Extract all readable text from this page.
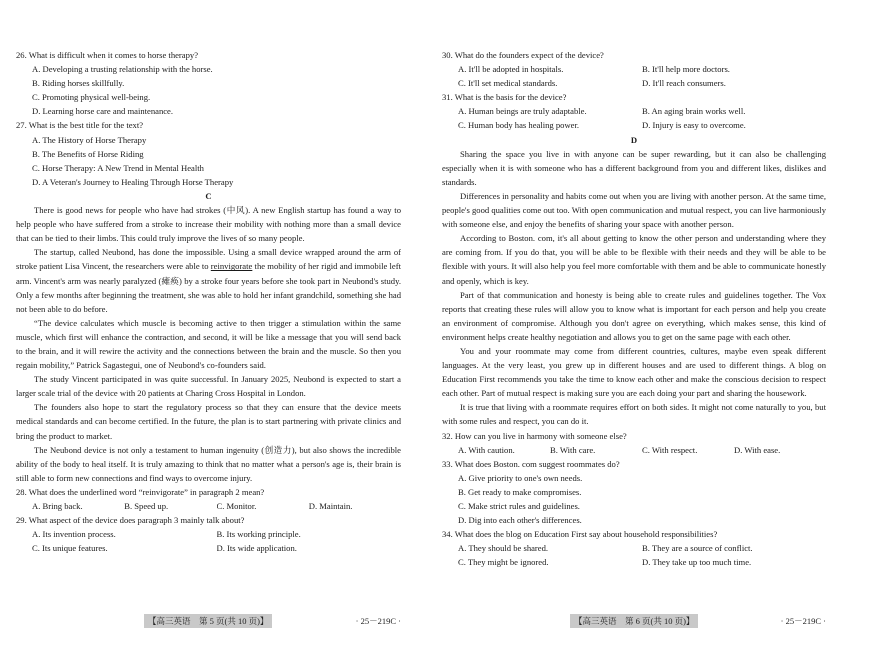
26. What is difficult when it comes to horse therapy?
A. Developing a trusting relationship with the horse.
B. Riding horses skillfully.
C. Promoting physical well-being.
D. Learning horse care and maintenance.
27. What is the best title for the text?
A. The History of Horse Therapy
B. The Benefits of Horse Riding
C. Horse Therapy: A New Trend in Mental Health
D. A Veteran's Journey to Healing Through Horse Therapy
C

There is good news for people who have had strokes (中风). A new English startup has found a way to help people who have suffered from a stroke to increase their mobility with nothing more than a small device that can be tied to their limbs. This could truly improve the lives of so many people.

The startup, called Neubond, has done the impossible. Using a small device wrapped around the arm of stroke patient Lisa Vincent, the researchers were able to reinvigorate the mobility of her rigid and immobile left arm. Vincent's arm was nearly paralyzed (瘫痪) by a stroke four years before she took part in Neubond's study. Only a few months after beginning the treatment, she was able to hold her infant grandchild, something she had not been able to do before.

“The device calculates which muscle is becoming active to then trigger a stimulation within the same muscle, which first will enhance the contraction, and second, it will be like a message that you will send back to the brain, and it will rewire the activity and the connections between the brain and the muscle. So then you regain mobility,” Patrick Sagastegui, one of Neubond's co-founders said.

The study Vincent participated in was quite successful. In January 2025, Neubond is expected to start a larger scale trial of the device with 20 patients at Charing Cross Hospital in London.

The founders also hope to start the regulatory process so that they can ensure that the device meets medical standards and can become certified. In the future, the plan is to start partnering with private clinics and bring the product to market.

The Neubond device is not only a testament to human ingenuity (创造力), but also shows the incredible ability of the body to heal itself. It is truly amazing to think that no matter what a person's age is, their brain is still able to form new connections and find ways to overcome injury.

28. What does the underlined word “reinvigorate” in paragraph 2 mean?
A. Bring back.	B. Speed up.	C. Monitor.	D. Maintain.
29. What aspect of the device does paragraph 3 mainly talk about?
A. Its invention process.	B. Its working principle.
C. Its unique features.	D. Its wide application.
【高三英语　第 5 页(共 10 页)】	· 25－219C ·
30. What do the founders expect of the device?
A. It'll be adopted in hospitals.	B. It'll help more doctors.
C. It'll set medical standards.	D. It'll reach consumers.
31. What is the basis for the device?
A. Human beings are truly adaptable.	B. An aging brain works well.
C. Human body has healing power.	D. Injury is easy to overcome.
D

Sharing the space you live in with anyone can be super rewarding, but it can also be challenging especially when it is with someone who has a different background from you and different likes, dislikes and standards.

Differences in personality and habits come out when you are living with another person. At the same time, people's good qualities come out too. With open communication and mutual respect, you can live harmoniously with someone else, and enjoy the benefits of sharing your space with another person.

According to Boston. com, it's all about getting to know the other person and understanding where they are coming from. If you do that, you will be able to be flexible with their needs and they will be able to be flexible with yours. It will also help you feel more comfortable with them and be able to communicate honestly and openly, which is key.

Part of that communication and honesty is being able to create rules and guidelines together. The Vox reports that creating these rules will allow you to know what is important for each person and help you create an environment of compromise. Although you don't agree on everything, which makes sense, this kind of environment helps create healthy negotiation and allows you to get on the same page with each other.

You and your roommate may come from different countries, cultures, maybe even speak different languages. At the very least, you grew up in different houses and are used to different things. A blog on Education First recommends you take the time to know each other and make the conscious decision to respect each other. Part of mutual respect is making sure you are each doing your part and sharing the housework.

It is true that living with a roommate requires effort on both sides. It might not come naturally to you, but with some rules and respect, you can do it.

32. How can you live in harmony with someone else?
A. With caution.	B. With care.	C. With respect.	D. With ease.
33. What does Boston. com suggest roommates do?
A. Give priority to one's own needs.
B. Get ready to make compromises.
C. Make strict rules and guidelines.
D. Dig into each other's differences.
34. What does the blog on Education First say about household responsibilities?
A. They should be shared.	B. They are a source of conflict.
C. They might be ignored.	D. They take up too much time.
【高三英语　第 6 页(共 10 页)】	· 25－219C ·
